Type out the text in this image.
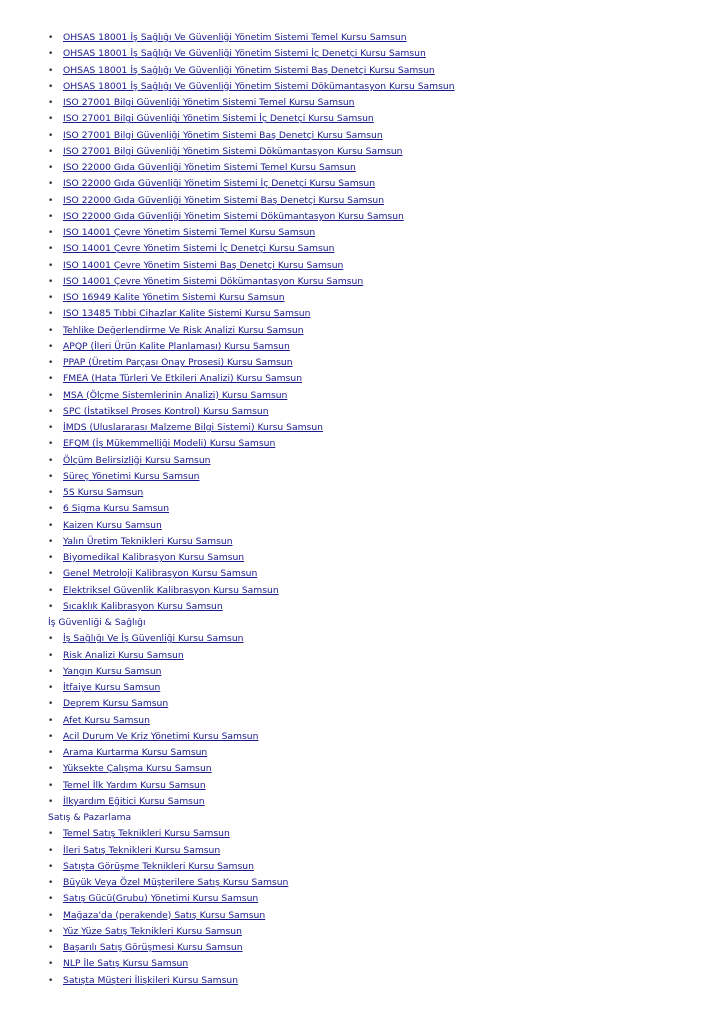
• OHSAS 18001 İş Sağlığı Ve Güvenliği Yönetim Sistemi Temel Kursu Samsun
• OHSAS 18001 İş Sağlığı Ve Güvenliği Yönetim Sistemi İç Denetçi Kursu Samsun
• OHSAS 18001 İş Sağlığı Ve Güvenliği Yönetim Sistemi Baş Denetçi Kursu Samsun
• OHSAS 18001 İş Sağlığı Ve Güvenliği Yönetim Sistemi Dökümantasyon Kursu Samsun
• ISO 27001 Bilgi Güvenliği Yönetim Sistemi Temel Kursu Samsun
• ISO 27001 Bilgi Güvenliği Yönetim Sistemi İç Denetçi Kursu Samsun
• ISO 27001 Bilgi Güvenliği Yönetim Sistemi Baş Denetçi Kursu Samsun
• ISO 27001 Bilgi Güvenliği Yönetim Sistemi Dökümantasyon Kursu Samsun
• ISO 22000 Gıda Güvenliği Yönetim Sistemi Temel Kursu Samsun
• ISO 22000 Gıda Güvenliği Yönetim Sistemi İç Denetçi Kursu Samsun
• ISO 22000 Gıda Güvenliği Yönetim Sistemi Baş Denetçi Kursu Samsun
• ISO 22000 Gıda Güvenliği Yönetim Sistemi Dökümantasyon Kursu Samsun
• ISO 14001 Çevre Yönetim Sistemi Temel Kursu Samsun
• ISO 14001 Çevre Yönetim Sistemi İç Denetçi Kursu Samsun
• ISO 14001 Çevre Yönetim Sistemi Baş Denetçi Kursu Samsun
• ISO 14001 Çevre Yönetim Sistemi Dökümantasyon Kursu Samsun
• ISO 16949 Kalite Yönetim Sistemi Kursu Samsun
• ISO 13485 Tıbbi Cihazlar Kalite Sistemi Kursu Samsun
• Tehlike Değerlendirme Ve Risk Analizi Kursu Samsun
• APQP (İleri Ürün Kalite Planlaması) Kursu Samsun
• PPAP (Üretim Parçası Onay Prosesi) Kursu Samsun
• FMEA (Hata Türleri Ve Etkileri Analizi) Kursu Samsun
• MSA (Ölçme Sistemlerinin Analizi) Kursu Samsun
• SPC (İstatiksel Proses Kontrol) Kursu Samsun
• İMDS (Uluslararası Malzeme Bilgi Sistemi) Kursu Samsun
• EFQM (İş Mükemmelliği Modeli) Kursu Samsun
• Ölçüm Belirsizliği Kursu Samsun
• Süreç Yönetimi Kursu Samsun
• 5S Kursu Samsun
• 6 Sigma Kursu Samsun
• Kaizen Kursu Samsun
• Yalın Üretim Teknikleri Kursu Samsun
• Biyomedikal Kalibrasyon Kursu Samsun
• Genel Metroloji Kalibrasyon Kursu Samsun
• Elektriksel Güvenlik Kalibrasyon Kursu Samsun
• Sıcaklık Kalibrasyon Kursu Samsun
İş Güvenliği & Sağlığı
• İş Sağlığı Ve İş Güvenliği Kursu Samsun
• Risk Analizi Kursu Samsun
• Yangın Kursu Samsun
• İtfaiye Kursu Samsun
• Deprem Kursu Samsun
• Afet Kursu Samsun
• Acil Durum Ve Kriz Yönetimi Kursu Samsun
• Arama Kurtarma Kursu Samsun
• Yüksekte Çalışma Kursu Samsun
• Temel İlk Yardım Kursu Samsun
• İlkyardım Eğitici Kursu Samsun
Satış & Pazarlama
• Temel Satış Teknikleri Kursu Samsun
• İleri Satış Teknikleri Kursu Samsun
• Satışta Görüşme Teknikleri Kursu Samsun
• Büyük Veya Özel Müşterilere Satış Kursu Samsun
• Satış Gücü(Grubu) Yönetimi Kursu Samsun
• Mağaza'da (perakende) Satış Kursu Samsun
• Yüz Yüze Satış Teknikleri Kursu Samsun
• Başarılı Satış Görüşmesi Kursu Samsun
• NLP İle Satış Kursu Samsun
• Satışta Müşteri İlişkileri Kursu Samsun
